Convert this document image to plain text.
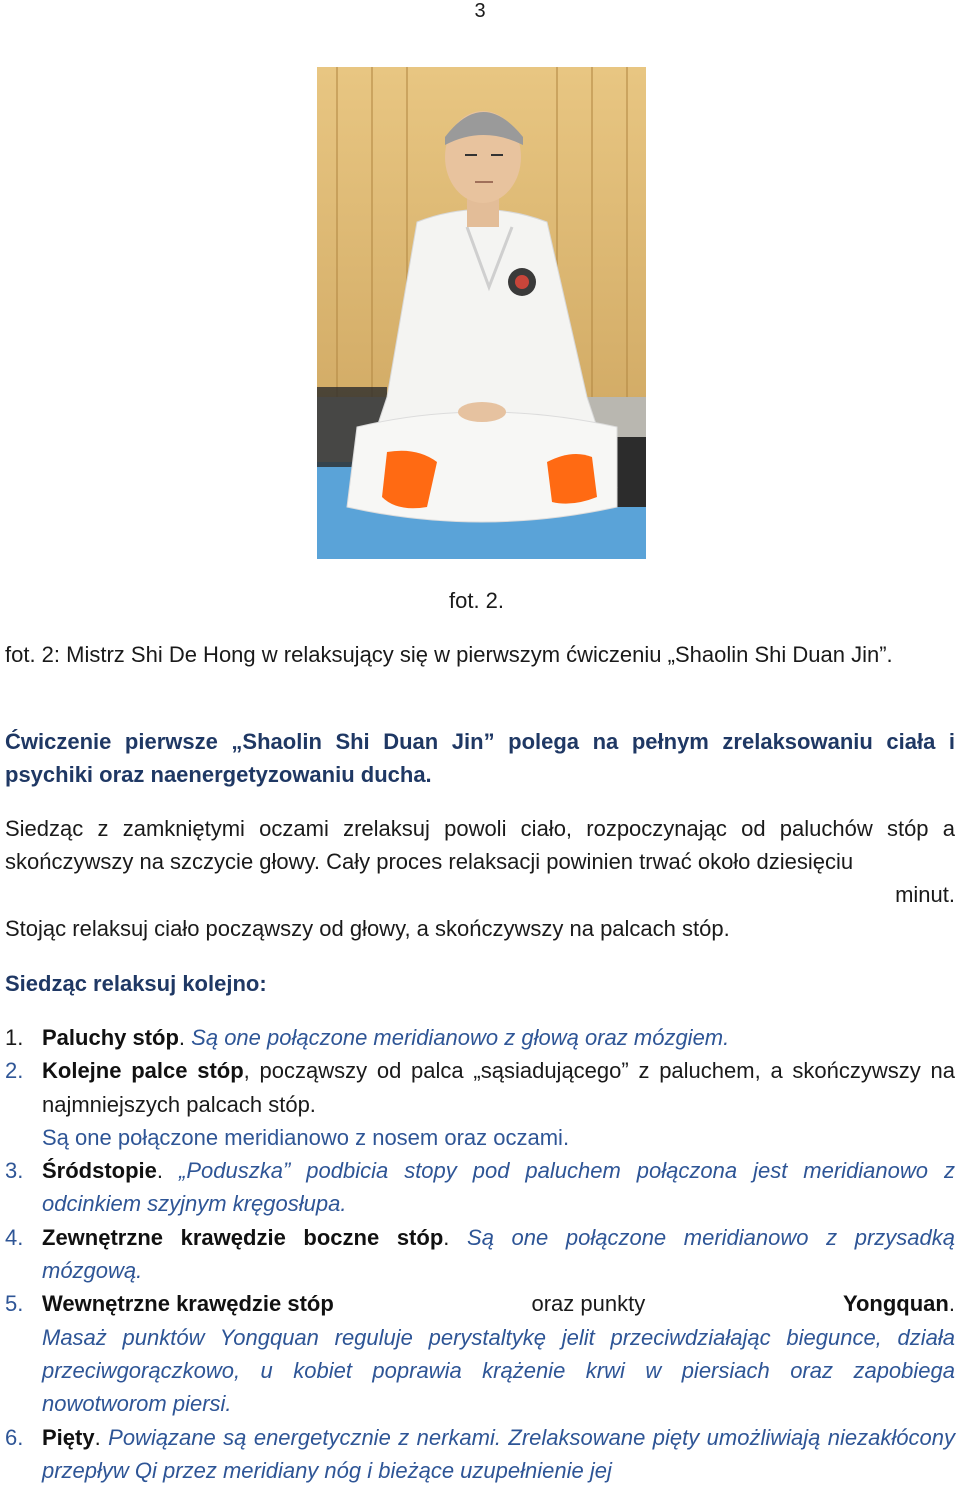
3
fot. 2.
fot. 2: Mistrz Shi De Hong w relaksujący się w pierwszym ćwiczeniu „Shaolin Shi Duan Jin”.
Ćwiczenie pierwsze „Shaolin Shi Duan Jin” polega na pełnym zrelaksowaniu ciała i psychiki oraz naenergetyzowaniu ducha.
Siedząc z zamkniętymi oczami zrelaksuj powoli ciało, rozpoczynając od paluchów stóp a skończywszy na szczycie głowy. Cały proces relaksacji powinien trwać około dziesięciu
minut.
Stojąc relaksuj ciało począwszy od głowy, a skończywszy na palcach stóp.
Siedząc relaksuj kolejno:
1. Paluchy stóp. Są one połączone meridianowo z głową oraz mózgiem.
2. Kolejne palce stóp, począwszy od palca „sąsiadującego” z paluchem, a skończywszy na najmniejszych palcach stóp.
Są one połączone meridianowo z nosem oraz oczami.
3. Śródstopie. „Poduszka” podbicia stopy pod paluchem połączona jest meridianowo z odcinkiem szyjnym kręgosłupa.
4. Zewnętrzne krawędzie boczne stóp. Są one połączone meridianowo z przysadką mózgową.
5. Wewnętrzne krawędzie stóp	oraz punkty	Yongquan.
Masaż punktów Yongquan reguluje perystaltykę jelit przeciwdziałając biegunce, działa przeciwgorączkowo, u kobiet poprawia krążenie krwi w piersiach oraz zapobiega nowotworom piersi.
6. Pięty. Powiązane są energetycznie z nerkami. Zrelaksowane pięty umożliwiają niezakłócony przepływ Qi przez meridiany nóg i bieżące uzupełnienie jej
